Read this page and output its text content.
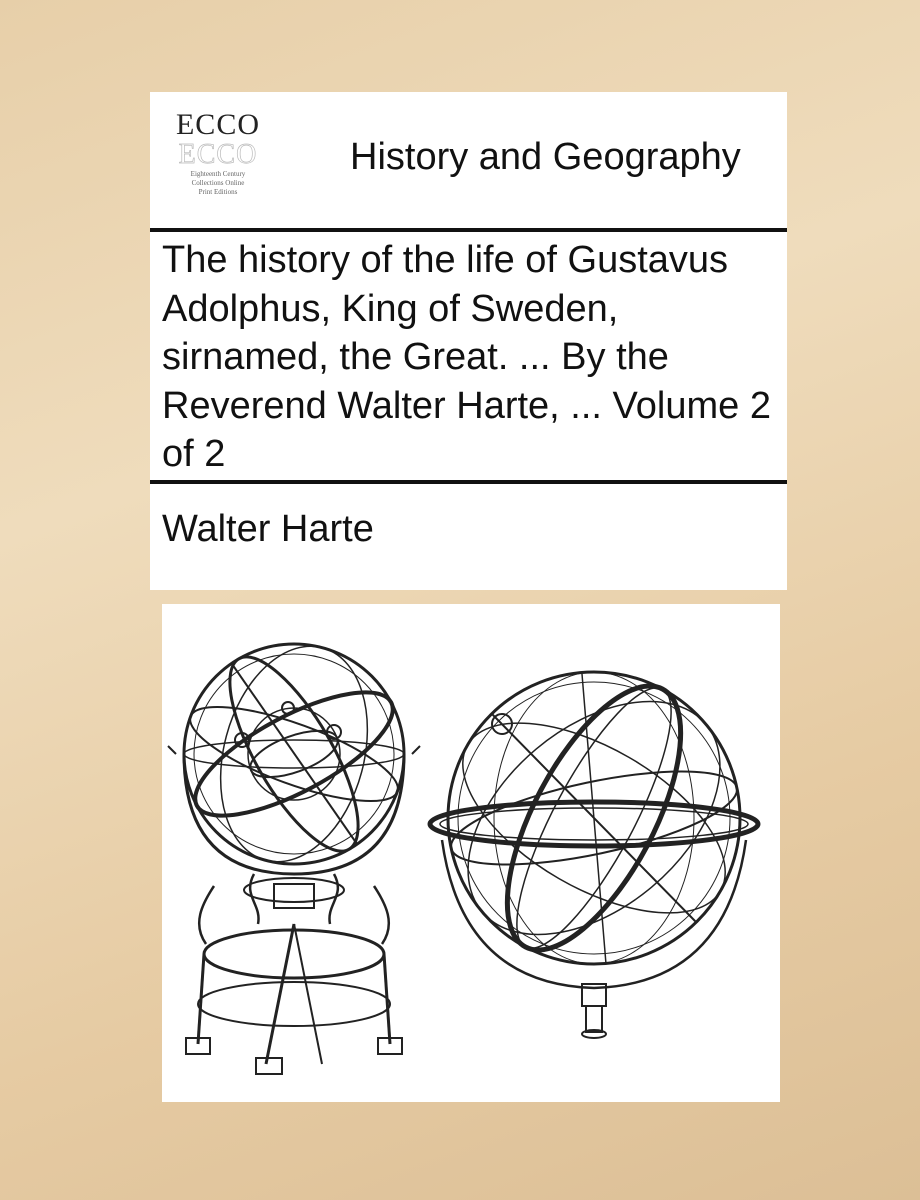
ECCO
ECCO
Eighteenth Century
Collections Online
Print Editions
History and Geography
The history of the life of Gustavus Adolphus, King of Sweden, sirnamed, the Great. ... By the Reverend Walter Harte, ... Volume 2 of 2
Walter Harte
